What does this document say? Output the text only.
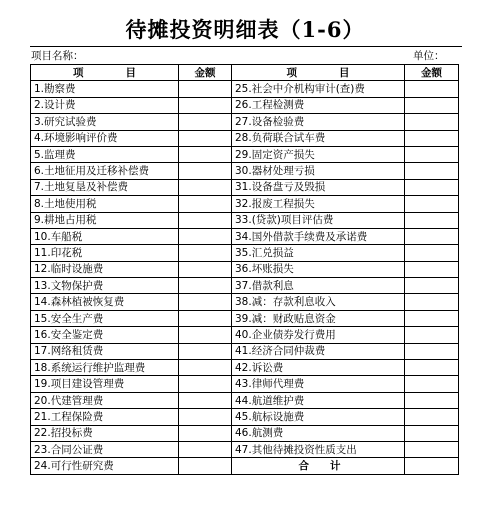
待摊投资明细表（1-6）
项目名称：	单位：
项　　　　目	金额	项　　　　目	金额
1.勘察费		25.社会中介机构审计(查)费	
2.设计费		26.工程检测费	
3.研究试验费		27.设备检验费	
4.环境影响评价费		28.负荷联合试车费	
5.监理费		29.固定资产损失	
6.土地征用及迁移补偿费		30.器材处理亏损	
7.土地复垦及补偿费		31.设备盘亏及毁损	
8.土地使用税		32.报废工程损失	
9.耕地占用税		33.(贷款)项目评估费	
10.车船税		34.国外借款手续费及承诺费	
11.印花税		35.汇兑损益	
12.临时设施费		36.坏账损失	
13.文物保护费		37.借款利息	
14.森林植被恢复费		38.减：存款利息收入	
15.安全生产费		39.减：财政贴息资金	
16.安全鉴定费		40.企业债券发行费用	
17.网络租赁费		41.经济合同仲裁费	
18.系统运行维护监理费		42.诉讼费	
19.项目建设管理费		43.律师代理费	
20.代建管理费		44.航道维护费	
21.工程保险费		45.航标设施费	
22.招投标费		46.航测费	
23.合同公证费		47.其他待摊投资性质支出	
24.可行性研究费		合　　计	
